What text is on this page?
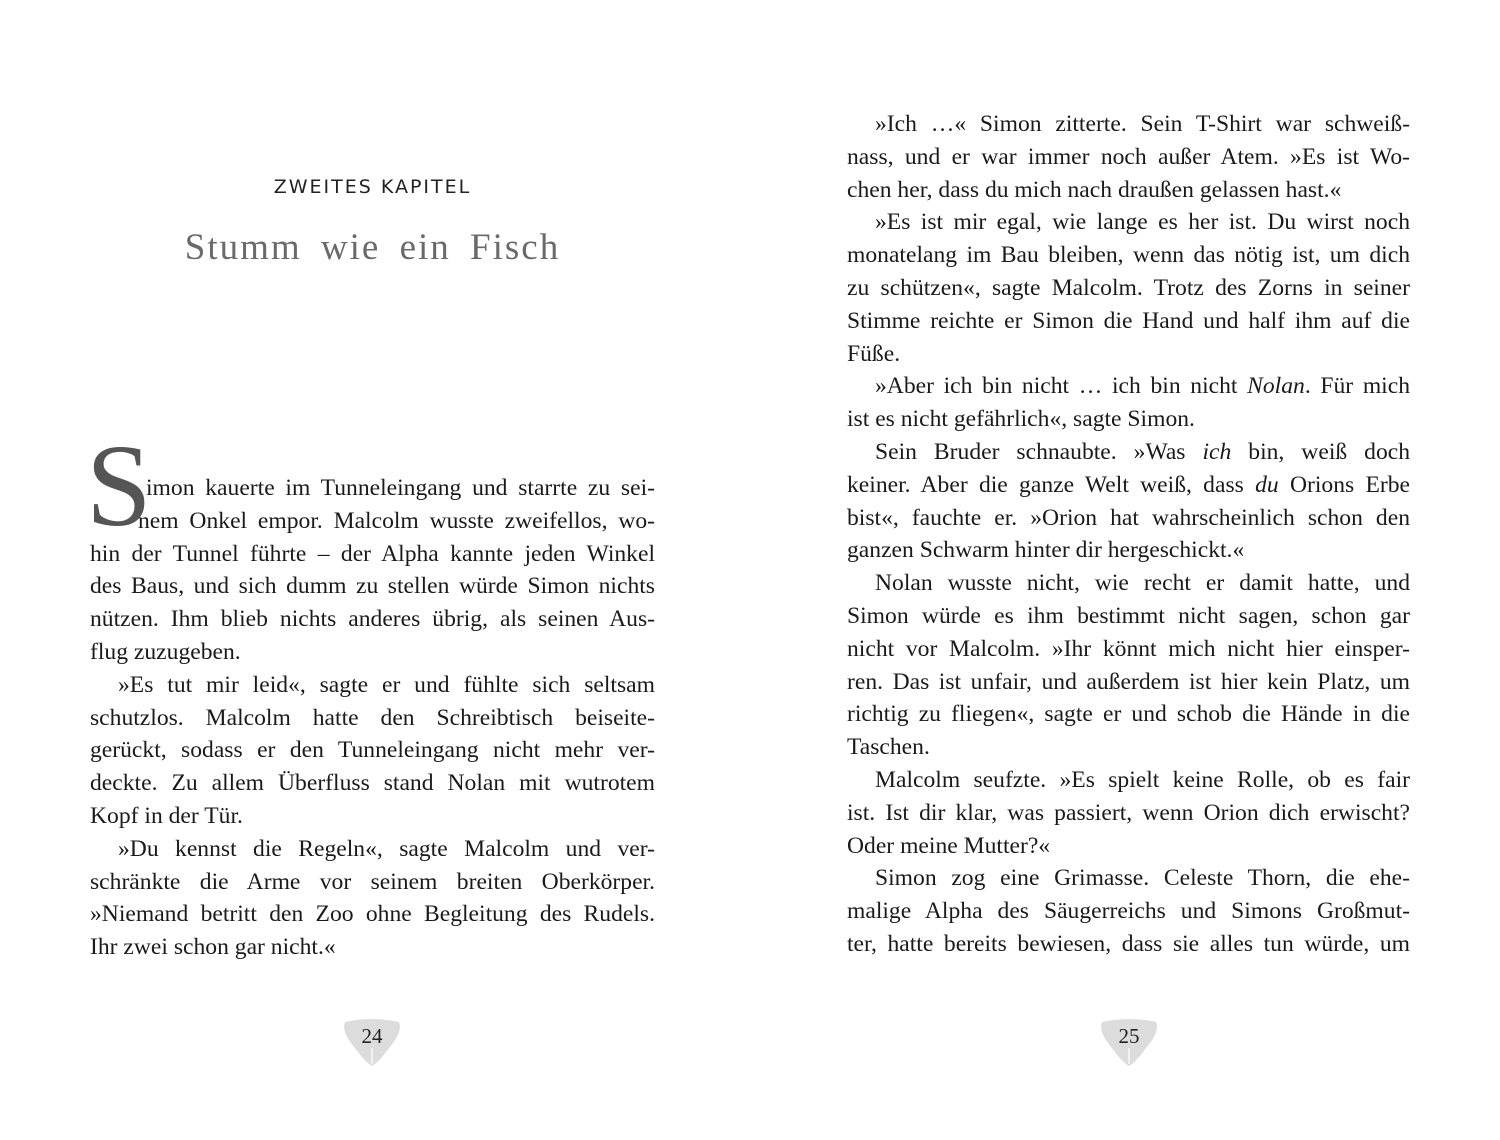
ZWEITES KAPITEL
Stumm wie ein Fisch
S
imon kauerte im Tunneleingang und starrte zu sei-
nem Onkel empor. Malcolm wusste zweifellos, wo-
hin der Tunnel führte – der Alpha kannte jeden Winkel
des Baus, und sich dumm zu stellen würde Simon nichts
nützen. Ihm blieb nichts anderes übrig, als seinen Aus-
flug zuzugeben.
»Es tut mir leid«, sagte er und fühlte sich seltsam
schutzlos. Malcolm hatte den Schreibtisch beiseite-
gerückt, sodass er den Tunneleingang nicht mehr ver-
deckte. Zu allem Überfluss stand Nolan mit wutrotem
Kopf in der Tür.
»Du kennst die Regeln«, sagte Malcolm und ver-
schränkte die Arme vor seinem breiten Oberkörper.
»Niemand betritt den Zoo ohne Begleitung des Rudels.
Ihr zwei schon gar nicht.«
24
»Ich …« Simon zitterte. Sein T-Shirt war schweiß-
nass, und er war immer noch außer Atem. »Es ist Wo-
chen her, dass du mich nach draußen gelassen hast.«
»Es ist mir egal, wie lange es her ist. Du wirst noch
monatelang im Bau bleiben, wenn das nötig ist, um dich
zu schützen«, sagte Malcolm. Trotz des Zorns in seiner
Stimme reichte er Simon die Hand und half ihm auf die
Füße.
»Aber ich bin nicht … ich bin nicht Nolan. Für mich
ist es nicht gefährlich«, sagte Simon.
Sein Bruder schnaubte. »Was ich bin, weiß doch
keiner. Aber die ganze Welt weiß, dass du Orions Erbe
bist«, fauchte er. »Orion hat wahrscheinlich schon den
ganzen Schwarm hinter dir hergeschickt.«
Nolan wusste nicht, wie recht er damit hatte, und
Simon würde es ihm bestimmt nicht sagen, schon gar
nicht vor Malcolm. »Ihr könnt mich nicht hier einsper-
ren. Das ist unfair, und außerdem ist hier kein Platz, um
richtig zu fliegen«, sagte er und schob die Hände in die
Taschen.
Malcolm seufzte. »Es spielt keine Rolle, ob es fair
ist. Ist dir klar, was passiert, wenn Orion dich erwischt?
Oder meine Mutter?«
Simon zog eine Grimasse. Celeste Thorn, die ehe-
malige Alpha des Säugerreichs und Simons Großmut-
ter, hatte bereits bewiesen, dass sie alles tun würde, um
25
